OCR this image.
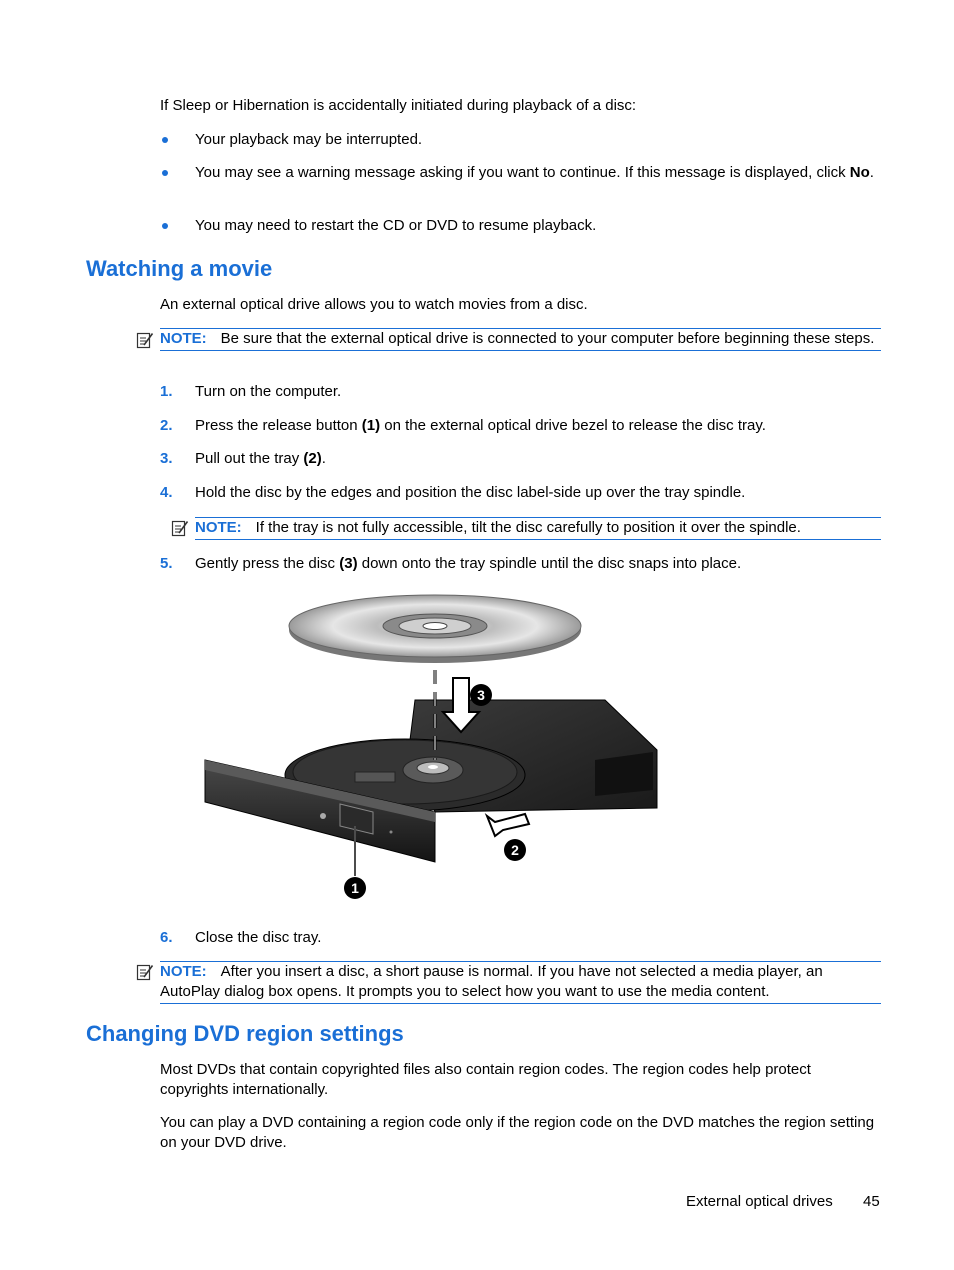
If Sleep or Hibernation is accidentally initiated during playback of a disc:
Your playback may be interrupted.
You may see a warning message asking if you want to continue. If this message is displayed, click No.
You may need to restart the CD or DVD to resume playback.
Watching a movie
An external optical drive allows you to watch movies from a disc.
NOTE: Be sure that the external optical drive is connected to your computer before beginning these steps.
1. Turn on the computer.
2. Press the release button (1) on the external optical drive bezel to release the disc tray.
3. Pull out the tray (2).
4. Hold the disc by the edges and position the disc label-side up over the tray spindle.
NOTE: If the tray is not fully accessible, tilt the disc carefully to position it over the spindle.
5. Gently press the disc (3) down onto the tray spindle until the disc snaps into place.
3
2
1
6. Close the disc tray.
NOTE: After you insert a disc, a short pause is normal. If you have not selected a media player, an AutoPlay dialog box opens. It prompts you to select how you want to use the media content.
Changing DVD region settings
Most DVDs that contain copyrighted files also contain region codes. The region codes help protect copyrights internationally.
You can play a DVD containing a region code only if the region code on the DVD matches the region setting on your DVD drive.
External optical drives 45
